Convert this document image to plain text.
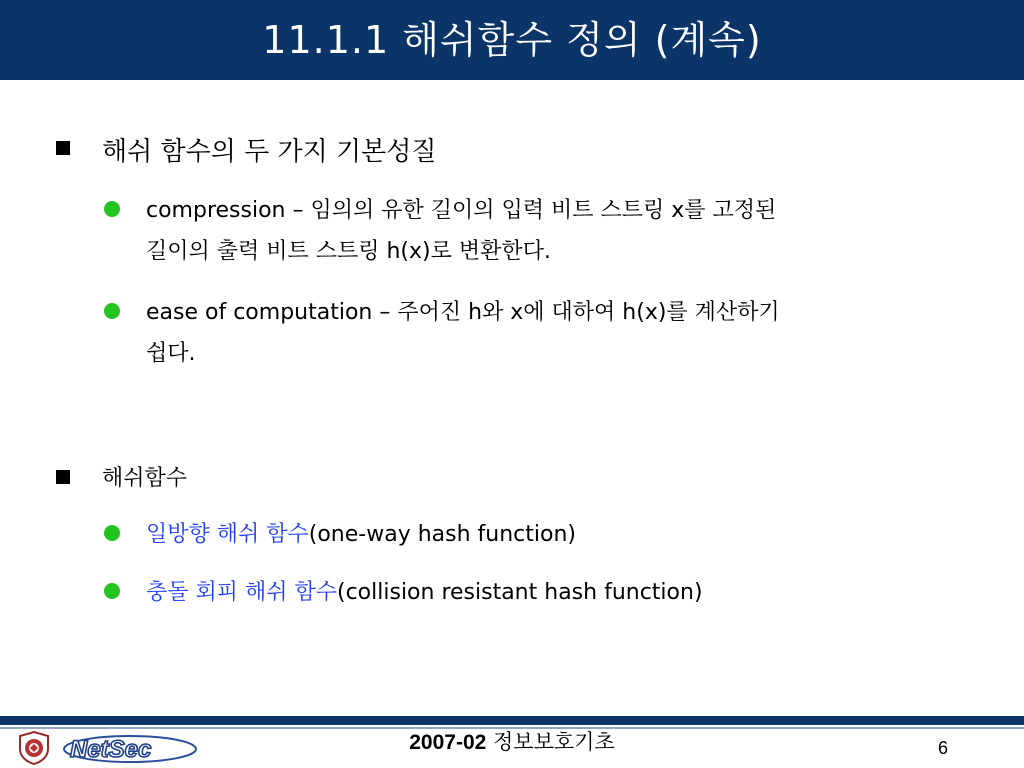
11.1.1 해쉬함수 정의 (계속)
해쉬 함수의 두 가지 기본성질
compression – 임의의 유한 길이의 입력 비트 스트링 x를 고정된
길이의 출력 비트 스트링 h(x)로 변환한다.
ease of computation – 주어진 h와 x에 대하여 h(x)를 계산하기
쉽다.
해쉬함수
일방향 해쉬 함수(one-way hash function)
충돌 회피 해쉬 함수(collision resistant hash function)
NetSec	2007-02 정보보호기초	6
